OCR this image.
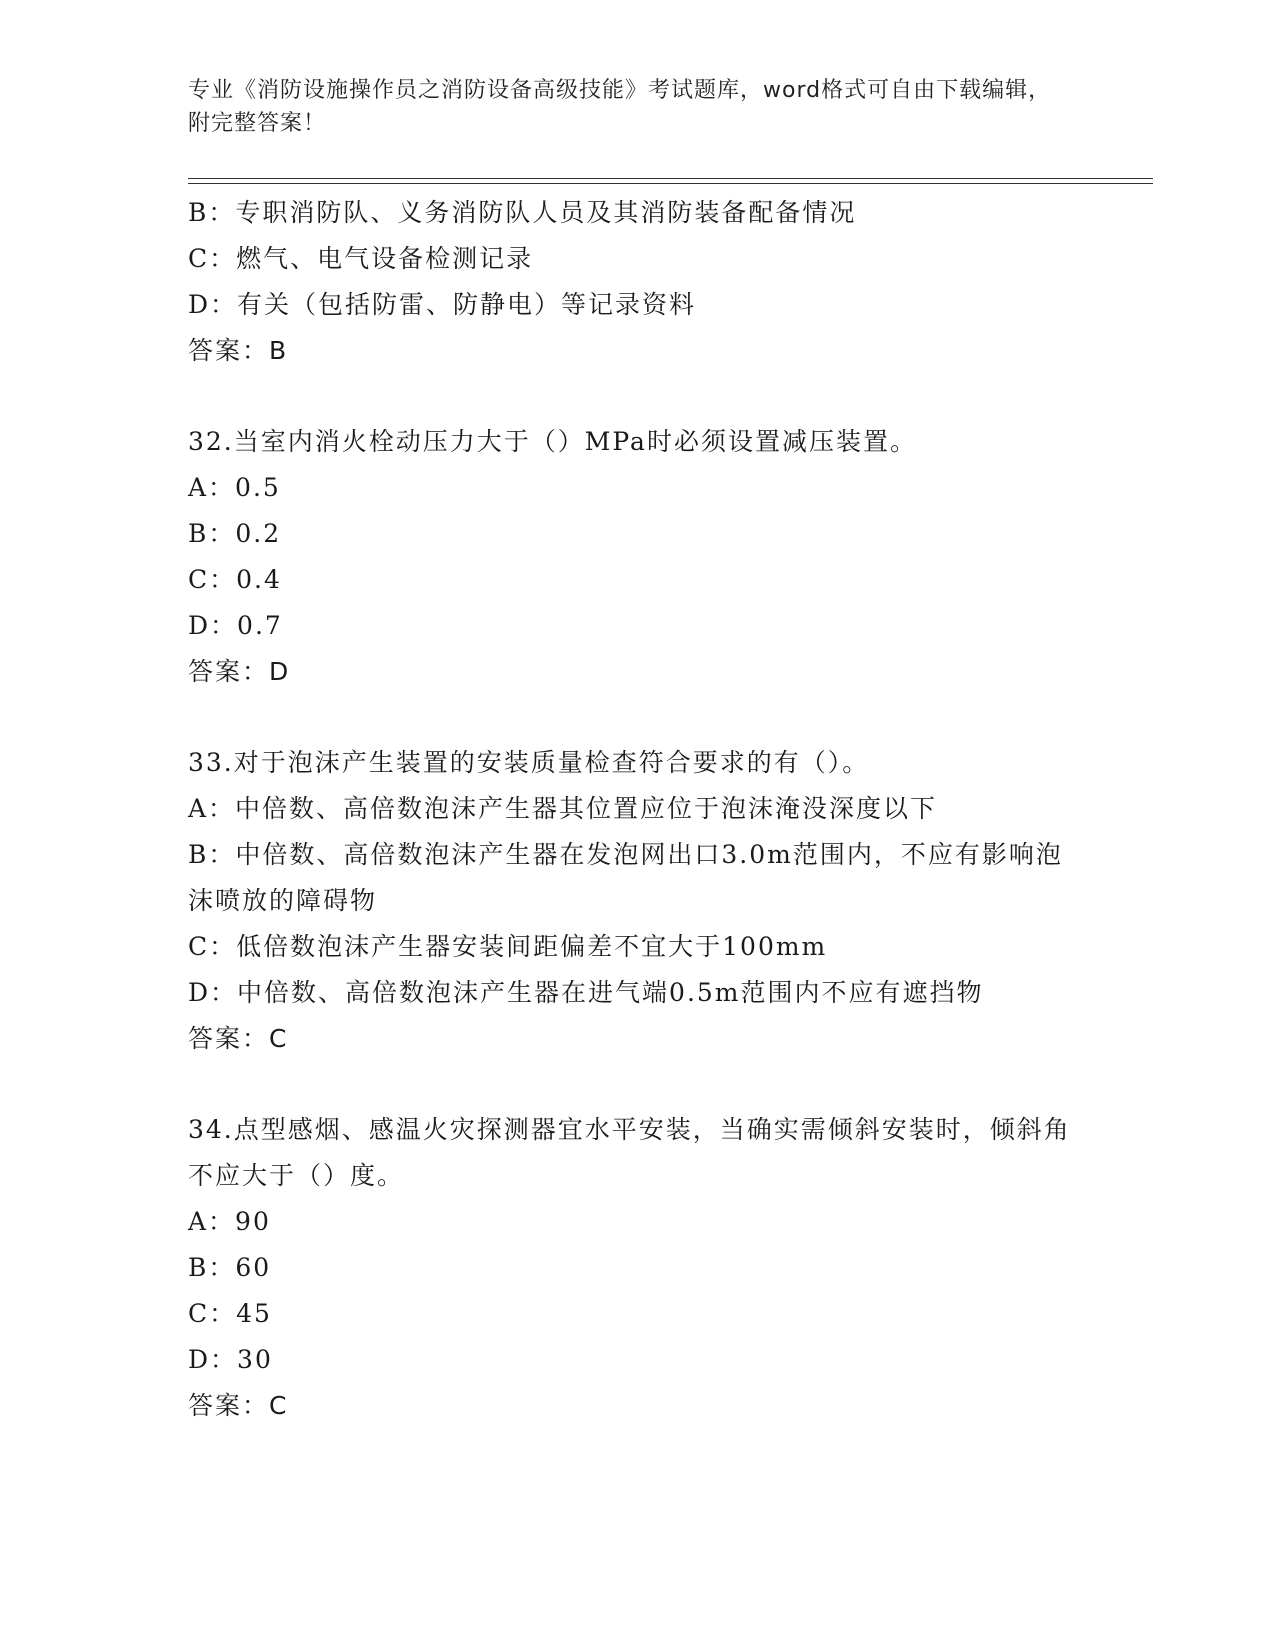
专业《消防设施操作员之消防设备高级技能》考试题库，word格式可自由下载编辑，附完整答案！
B：专职消防队、义务消防队人员及其消防装备配备情况
C：燃气、电气设备检测记录
D：有关（包括防雷、防静电）等记录资料
答案：B
32.当室内消火栓动压力大于（）MPa时必须设置减压装置。
A：0.5
B：0.2
C：0.4
D：0.7
答案：D
33.对于泡沫产生装置的安装质量检查符合要求的有（）。
A：中倍数、高倍数泡沫产生器其位置应位于泡沫淹没深度以下
B：中倍数、高倍数泡沫产生器在发泡网出口3.0m范围内，不应有影响泡沫喷放的障碍物
C：低倍数泡沫产生器安装间距偏差不宜大于100mm
D：中倍数、高倍数泡沫产生器在进气端0.5m范围内不应有遮挡物
答案：C
34.点型感烟、感温火灾探测器宜水平安装，当确实需倾斜安装时，倾斜角不应大于（）度。
A：90
B：60
C：45
D：30
答案：C
